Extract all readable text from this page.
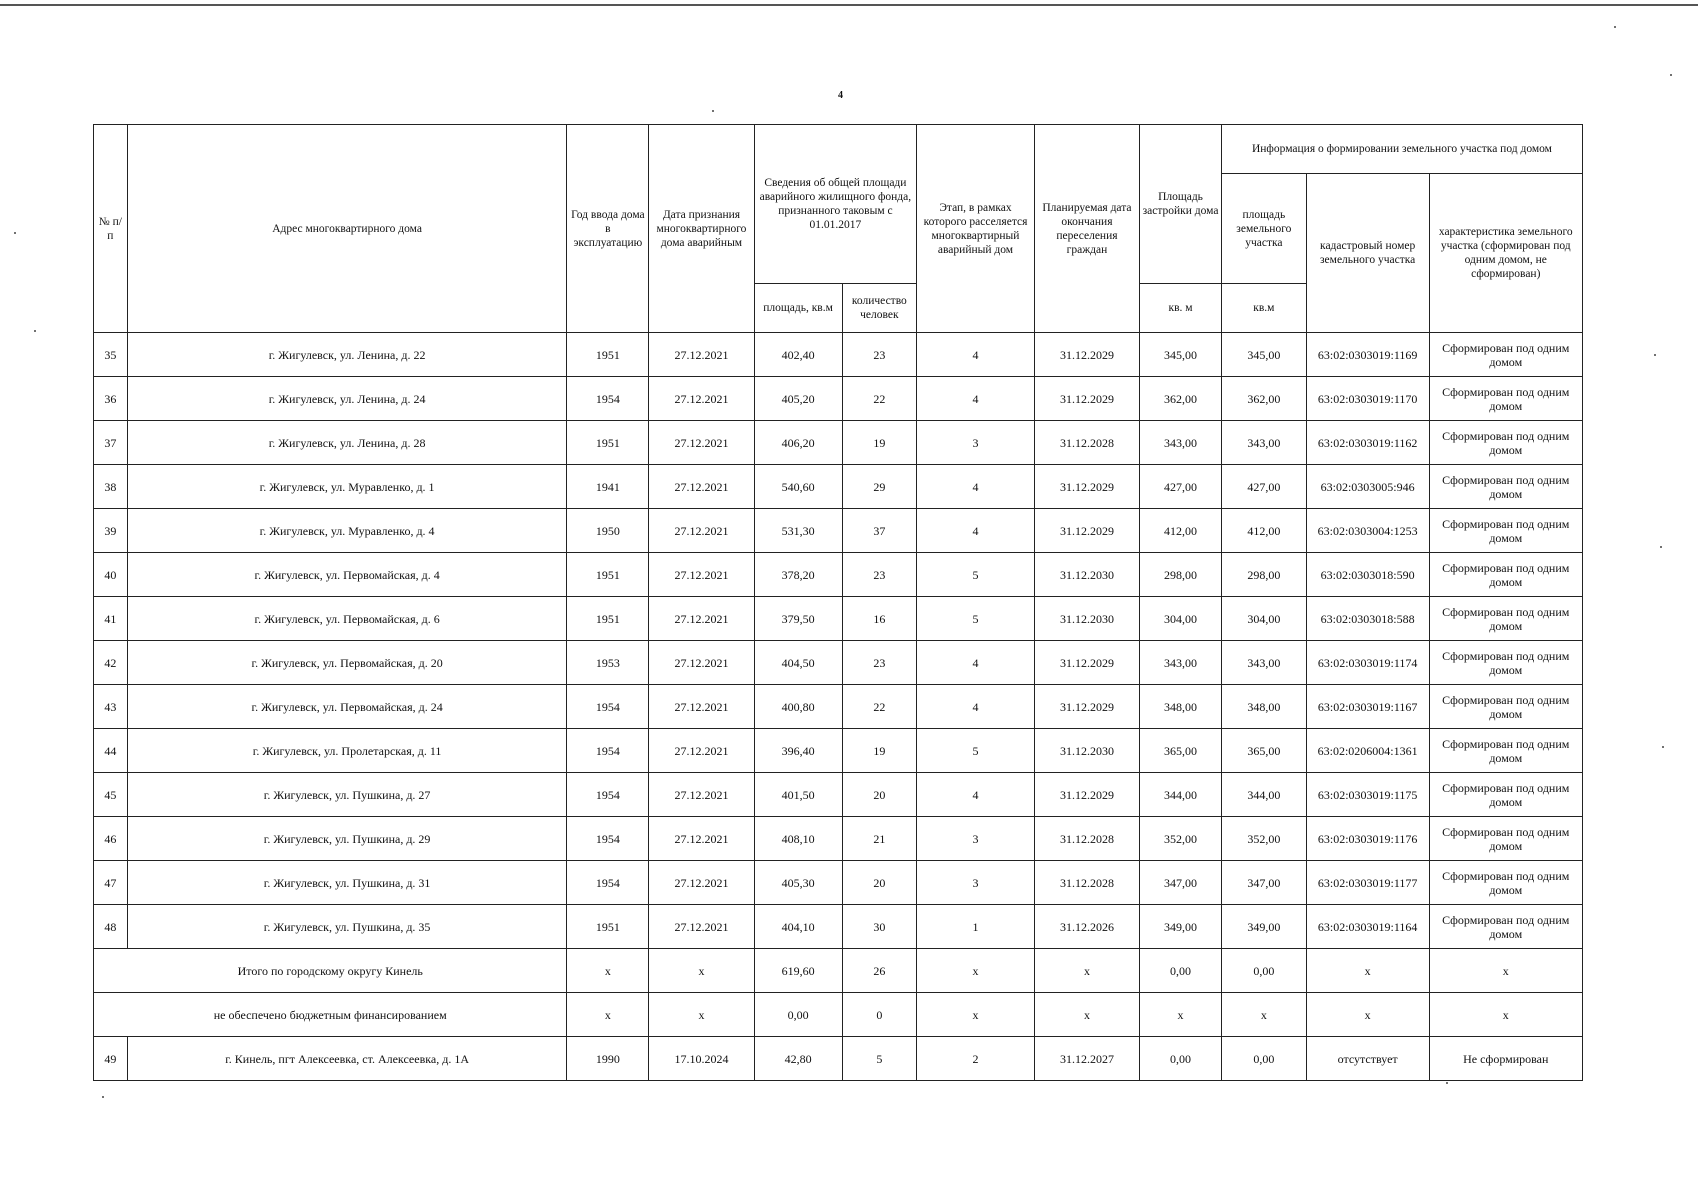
4
№ п/п	Адрес многоквартирного дома	Год ввода дома в эксплуатацию	Дата признания многоквартирного дома аварийным	Сведения об общей площади аварийного жилищного фонда, признанного таковым с 01.01.2017		Этап, в рамках которого расселяется многоквартирный аварийный дом	Планируемая дата окончания переселения граждан	Площадь застройки дома	Информация о формировании земельного участка под домом		
									площадь земельного участка	кадастровый номер земельного участка	характеристика земельного участка (сформирован под одним домом, не сформирован)
				площадь, кв.м	количество человек			кв. м	кв.м		
35	г. Жигулевск, ул. Ленина, д. 22	1951	27.12.2021	402,40	23	4	31.12.2029	345,00	345,00	63:02:0303019:1169	Сформирован под одним домом
36	г. Жигулевск, ул. Ленина, д. 24	1954	27.12.2021	405,20	22	4	31.12.2029	362,00	362,00	63:02:0303019:1170	Сформирован под одним домом
37	г. Жигулевск, ул. Ленина, д. 28	1951	27.12.2021	406,20	19	3	31.12.2028	343,00	343,00	63:02:0303019:1162	Сформирован под одним домом
38	г. Жигулевск, ул. Муравленко, д. 1	1941	27.12.2021	540,60	29	4	31.12.2029	427,00	427,00	63:02:0303005:946	Сформирован под одним домом
39	г. Жигулевск, ул. Муравленко, д. 4	1950	27.12.2021	531,30	37	4	31.12.2029	412,00	412,00	63:02:0303004:1253	Сформирован под одним домом
40	г. Жигулевск, ул. Первомайская, д. 4	1951	27.12.2021	378,20	23	5	31.12.2030	298,00	298,00	63:02:0303018:590	Сформирован под одним домом
41	г. Жигулевск, ул. Первомайская, д. 6	1951	27.12.2021	379,50	16	5	31.12.2030	304,00	304,00	63:02:0303018:588	Сформирован под одним домом
42	г. Жигулевск, ул. Первомайская, д. 20	1953	27.12.2021	404,50	23	4	31.12.2029	343,00	343,00	63:02:0303019:1174	Сформирован под одним домом
43	г. Жигулевск, ул. Первомайская, д. 24	1954	27.12.2021	400,80	22	4	31.12.2029	348,00	348,00	63:02:0303019:1167	Сформирован под одним домом
44	г. Жигулевск, ул. Пролетарская, д. 11	1954	27.12.2021	396,40	19	5	31.12.2030	365,00	365,00	63:02:0206004:1361	Сформирован под одним домом
45	г. Жигулевск, ул. Пушкина, д. 27	1954	27.12.2021	401,50	20	4	31.12.2029	344,00	344,00	63:02:0303019:1175	Сформирован под одним домом
46	г. Жигулевск, ул. Пушкина, д. 29	1954	27.12.2021	408,10	21	3	31.12.2028	352,00	352,00	63:02:0303019:1176	Сформирован под одним домом
47	г. Жигулевск, ул. Пушкина, д. 31	1954	27.12.2021	405,30	20	3	31.12.2028	347,00	347,00	63:02:0303019:1177	Сформирован под одним домом
48	г. Жигулевск, ул. Пушкина, д. 35	1951	27.12.2021	404,10	30	1	31.12.2026	349,00	349,00	63:02:0303019:1164	Сформирован под одним домом
Итого по городскому округу Кинель		x	x	619,60	26	x	x	0,00	0,00	x	x
не обеспечено бюджетным финансированием		x	x	0,00	0	x	x	x	x	x	x
49	г. Кинель, пгт Алексеевка, ст. Алексеевка, д. 1А	1990	17.10.2024	42,80	5	2	31.12.2027	0,00	0,00	отсутствует	Не сформирован
